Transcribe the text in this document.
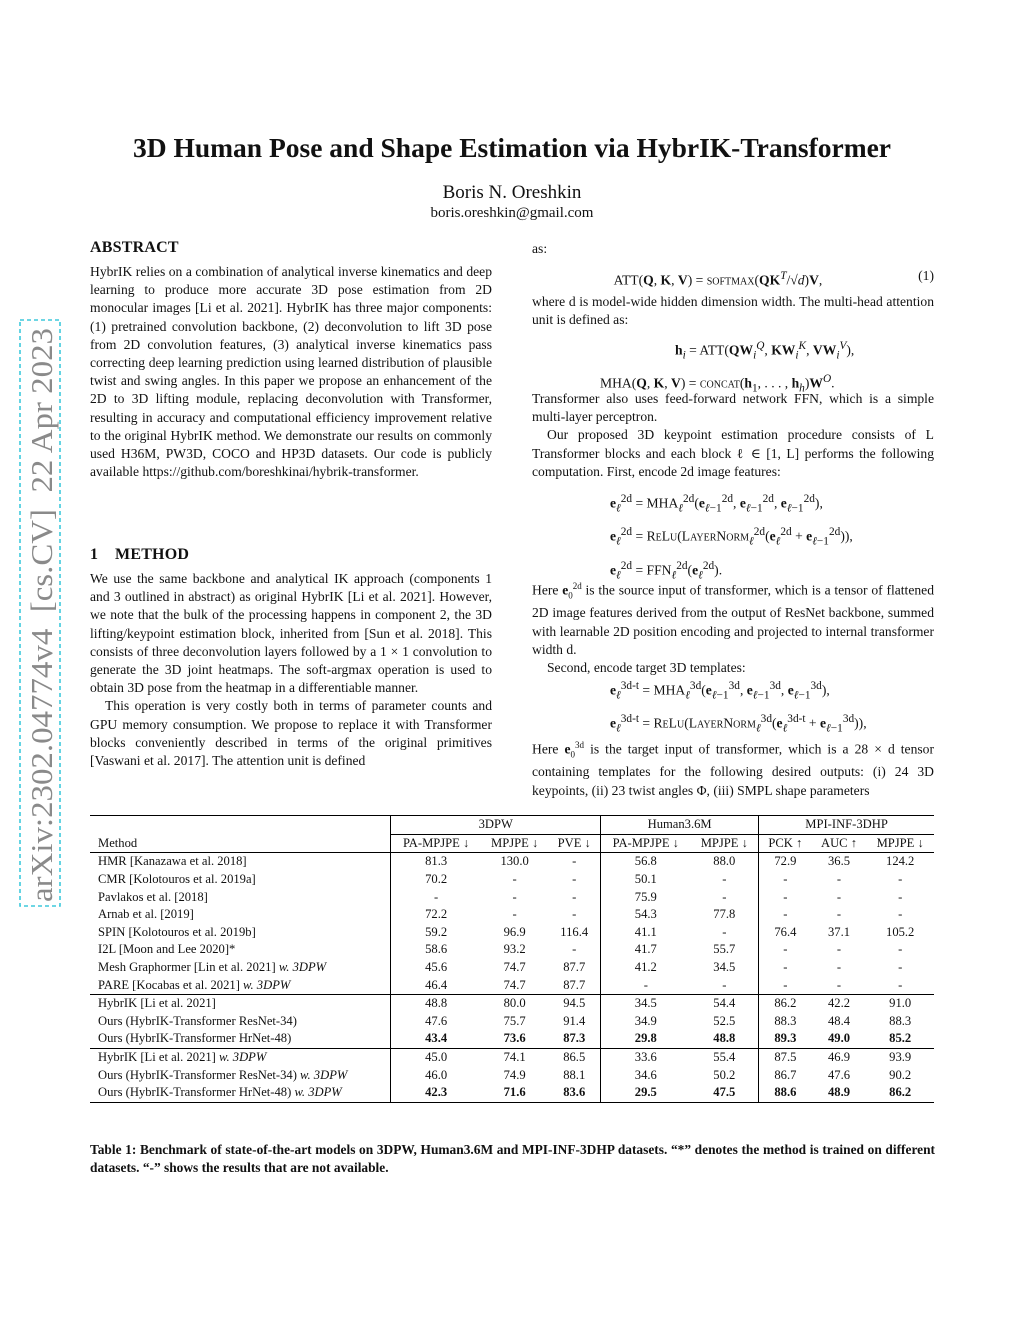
arXiv:2302.04774v4  [cs.CV]  22 Apr 2023
3D Human Pose and Shape Estimation via HybrIK-Transformer
Boris N. Oreshkin
boris.oreshkin@gmail.com
ABSTRACT

HybrIK relies on a combination of analytical inverse kinematics and deep learning to produce more accurate 3D pose estimation from 2D monocular images [Li et al. 2021]. HybrIK has three major components: (1) pretrained convolution backbone, (2) deconvolution to lift 3D pose from 2D convolution features, (3) analytical inverse kinematics pass correcting deep learning prediction using learned distribution of plausible twist and swing angles. In this paper we propose an enhancement of the 2D to 3D lifting module, replacing deconvolution with Transformer, resulting in accuracy and computational efficiency improvement relative to the original HybrIK method. We demonstrate our results on commonly used H36M, PW3D, COCO and HP3D datasets. Our code is publicly available https://github.com/boreshkinai/hybrik-transformer.

1 METHOD

We use the same backbone and analytical IK approach (components 1 and 3 outlined in abstract) as original HybrIK [Li et al. 2021]. However, we note that the bulk of the processing happens in component 2, the 3D lifting/keypoint estimation block, inherited from [Sun et al. 2018]. This consists of three deconvolution layers followed by a 1 × 1 convolution to generate the 3D joint heatmaps. The soft-argmax operation is used to obtain 3D pose from the heatmap in a differentiable manner.

This operation is very costly both in terms of parameter counts and GPU memory consumption. We propose to replace it with Transformer blocks conveniently described in terms of the original primitives [Vaswani et al. 2017]. The attention unit is defined

as:
ATT(Q, K, $V) = softmax(QK^T/√d)V$,	(1)
where d is model-wide hidden dimension width. The multi-head attention unit is defined as:
$h_i = ATT(QW_i^Q$, $KW_i^K$, $VW_i^V$),
MHA(Q, K, $V) = concat(h_1$, . . . , $h_h)W^O$.

Transformer also uses feed-forward network FFN, which is a simple multi-layer perceptron.

Our proposed 3D keypoint estimation procedure consists of L Transformer blocks and each block ℓ ∈ [1, L] performs the following computation. First, encode 2d image features:

$e_\ell^{2d} = MHA_\ell^{2d}(e_{\ell-1}^{2d}$, $e_{\ell-1}^{2d}$, $e_{\ell-1}^{2d}$),
$e_\ell^{2d}$ = $ReLu(LayerNorm_\ell^{2d}(e_\ell^{2d} + e_{\ell-1}^{2d}))$,
$e_\ell^{2d} = FFN_\ell^{2d}(e_\ell^{2d})$.

Here $e_0^{2d}$ is the source input of transformer, which is a tensor of flattened 2D image features derived from the output of ResNet backbone, summed with learnable 2D position encoding and projected to internal transformer width d.

Second, encode target 3D templates:

$e_\ell^{3d-t} = MHA_\ell^{3d}(e_{\ell-1}^{3d}$, $e_{\ell-1}^{3d}$, $e_{\ell-1}^{3d}$),
$e_\ell^{3d-t}$ = $ReLu(LayerNorm_\ell^{3d}(e_\ell^{3d-t} + e_{\ell-1}^{3d}))$,

Here $e_0^{3d}$ is the target input of transformer, which is a 28 × d tensor containing templates for the following desired outputs: (i) 24 3D keypoints, (ii) 23 twist angles Φ, (iii) SMPL shape parameters

	3DPW			Human3.6M		MPI-INF-3DHP		
Method	PA-MPJPE ↓	MPJPE ↓	PVE ↓	PA-MPJPE ↓	MPJPE ↓	PCK ↑	AUC ↑	MPJPE ↓
HMR [Kanazawa et al. 2018]	81.3	130.0	-	56.8	88.0	72.9	36.5	124.2
CMR [Kolotouros et al. 2019a]	70.2	-	-	50.1	-	-	-	-
Pavlakos et al. [2018]	-	-	-	75.9	-	-	-	-
Arnab et al. [2019]	72.2	-	-	54.3	77.8	-	-	-
SPIN [Kolotouros et al. 2019b]	59.2	96.9	116.4	41.1	-	76.4	37.1	105.2
I2L [Moon and Lee 2020]*	58.6	93.2	-	41.7	55.7	-	-	-
Mesh Graphormer [Lin et al. 2021] w. 3DPW	45.6	74.7	87.7	41.2	34.5	-	-	-
PARE [Kocabas et al. 2021] w. 3DPW	46.4	74.7	87.7	-	-	-	-	-
HybrIK [Li et al. 2021]	48.8	80.0	94.5	34.5	54.4	86.2	42.2	91.0
Ours (HybrIK-Transformer ResNet-34)	47.6	75.7	91.4	34.9	52.5	88.3	48.4	88.3
Ours (HybrIK-Transformer HrNet-48)	43.4	73.6	87.3	29.8	48.8	89.3	49.0	85.2
HybrIK [Li et al. 2021] w. 3DPW	45.0	74.1	86.5	33.6	55.4	87.5	46.9	93.9
Ours (HybrIK-Transformer ResNet-34) w. 3DPW	46.0	74.9	88.1	34.6	50.2	86.7	47.6	90.2
Ours (HybrIK-Transformer HrNet-48) w. 3DPW	42.3	71.6	83.6	29.5	47.5	88.6	48.9	86.2
Table 1: Benchmark of state-of-the-art models on 3DPW, Human3.6M and MPI-INF-3DHP datasets. “*” denotes the method is trained on different datasets. “-” shows the results that are not available.
